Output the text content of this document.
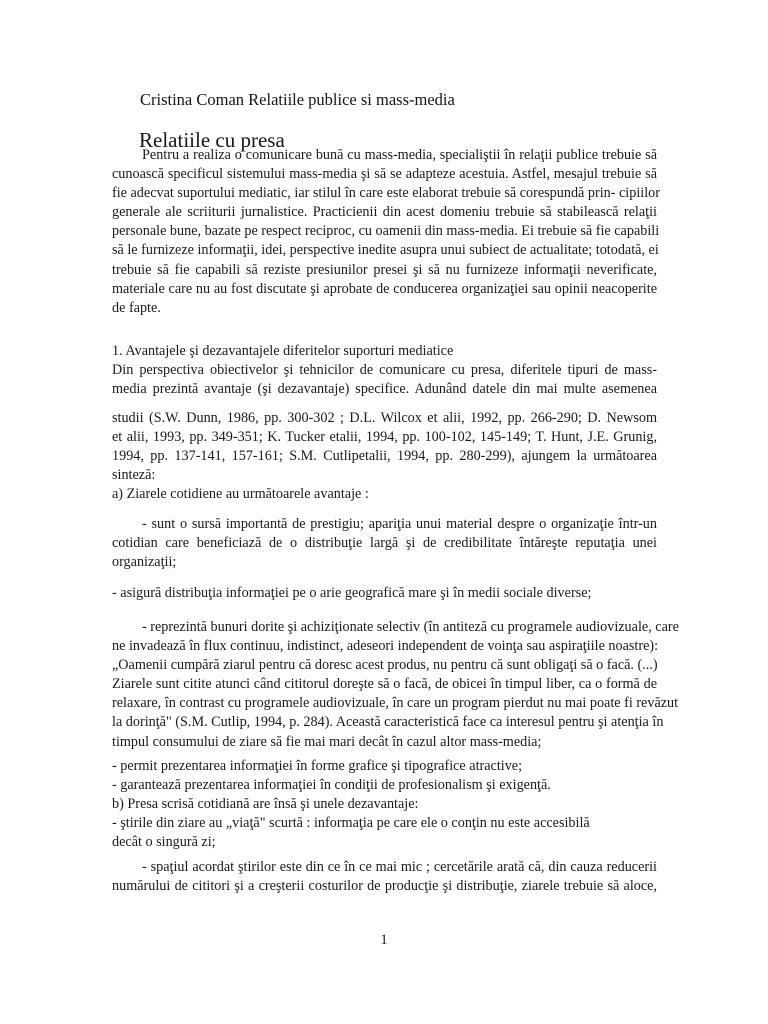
Cristina Coman Relatiile publice si mass-media
Relatiile cu presa
Pentru a realiza o comunicare bună cu mass-media, specialiştii în relaţii publice trebuie să
cunoască specificul sistemului mass-media şi să se adapteze acestuia. Astfel, mesajul trebuie să
fie adecvat suportului mediatic, iar stilul în care este elaborat trebuie să corespundă prin- cipiilor
generale ale scriiturii jurnalistice. Practicienii din acest domeniu trebuie să stabilească relaţii
personale bune, bazate pe respect reciproc, cu oamenii din mass-media. Ei trebuie să fie capabili
să le furnizeze informaţii, idei, perspective inedite asupra unui subiect de actualitate; totodată, ei
trebuie să fie capabili să reziste presiunilor presei şi să nu furnizeze informaţii neverificate,
materiale care nu au fost discutate şi aprobate de conducerea organizaţiei sau opinii neacoperite
de fapte.
1. Avantajele şi dezavantajele diferitelor suporturi mediatice
Din perspectiva obiectivelor şi tehnicilor de comunicare cu presa, diferitele tipuri de mass-
media prezintă avantaje (şi dezavantaje) specifice. Adunând datele din mai multe asemenea
studii (S.W. Dunn, 1986, pp. 300-302 ; D.L. Wilcox et alii, 1992, pp. 266-290; D. Newsom
et alii, 1993, pp. 349-351; K. Tucker etalii, 1994, pp. 100-102, 145-149; T. Hunt, J.E. Grunig,
1994, pp. 137-141, 157-161; S.M. Cutlipetalii, 1994, pp. 280-299), ajungem la următoarea
sinteză:
a) Ziarele cotidiene au următoarele avantaje :
- sunt o sursă importantă de prestigiu; apariţia unui material despre o organizaţie într-un
cotidian care beneficiază de o distribuţie largă şi de credibilitate întăreşte reputaţia unei
organizaţii;
- asigură distribuţia informaţiei pe o arie geografică mare şi în medii sociale diverse;
- reprezintă bunuri dorite şi achiziţionate selectiv (în antiteză cu programele audiovizuale, care
ne invadează în flux continuu, indistinct, adeseori independent de voinţa sau aspiraţiile noastre):
„Oamenii cumpără ziarul pentru că doresc acest produs, nu pentru că sunt obligaţi să o facă. (...)
Ziarele sunt citite atunci când cititorul doreşte să o facă, de obicei în timpul liber, ca o formă de
relaxare, în contrast cu programele audiovizuale, în care un program pierdut nu mai poate fi revăzut
la dorinţă" (S.M. Cutlip, 1994, p. 284). Această caracteristică face ca interesul pentru şi atenţia în
timpul consumului de ziare să fie mai mari decât în cazul altor mass-media;
- permit prezentarea informaţiei în forme grafice şi tipografice atractive;
- garantează prezentarea informaţiei în condiţii de profesionalism şi exigenţă.
b) Presa scrisă cotidiană are însă şi unele dezavantaje:
- ştirile din ziare au „viaţă" scurtă : informaţia pe care ele o conţin nu este accesibilă
decât o singură zi;
- spaţiul acordat ştirilor este din ce în ce mai mic ; cercetările arată că, din cauza reducerii
numărului de cititori şi a creşterii costurilor de producţie şi distribuţie, ziarele trebuie să aloce,
1
